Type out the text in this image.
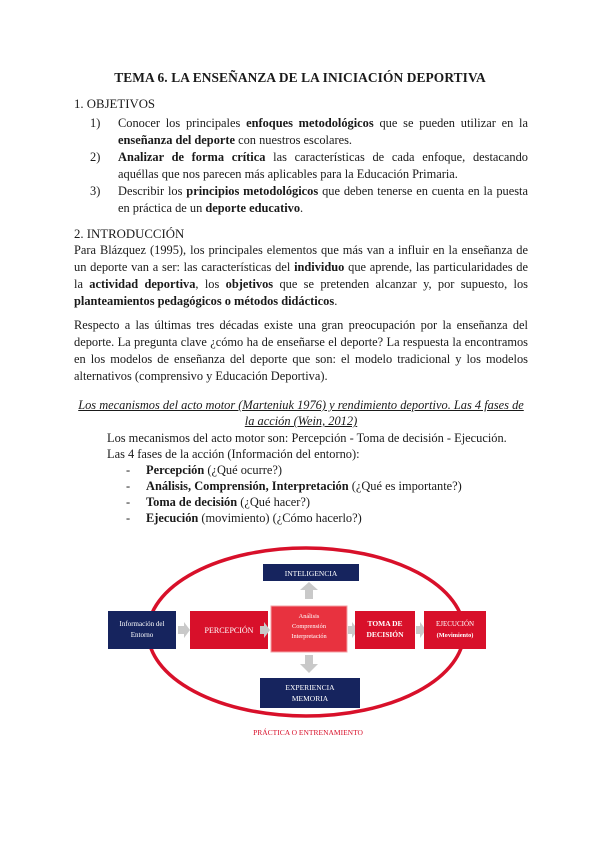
TEMA 6. LA ENSEÑANZA DE LA INICIACIÓN DEPORTIVA
1. OBJETIVOS
1) Conocer los principales enfoques metodológicos que se pueden utilizar en la enseñanza del deporte con nuestros escolares.
2) Analizar de forma crítica las características de cada enfoque, destacando aquéllas que nos parecen más aplicables para la Educación Primaria.
3) Describir los principios metodológicos que deben tenerse en cuenta en la puesta en práctica de un deporte educativo.
2. INTRODUCCIÓN
Para Blázquez (1995), los principales elementos que más van a influir en la enseñanza de un deporte van a ser: las características del individuo que aprende, las particularidades de la actividad deportiva, los objetivos que se pretenden alcanzar y, por supuesto, los planteamientos pedagógicos o métodos didácticos.
Respecto a las últimas tres décadas existe una gran preocupación por la enseñanza del deporte. La pregunta clave ¿cómo ha de enseñarse el deporte? La respuesta la encontramos en los modelos de enseñanza del deporte que son: el modelo tradicional y los modelos alternativos (comprensivo y Educación Deportiva).
Los mecanismos del acto motor (Marteniuk 1976) y rendimiento deportivo. Las 4 fases de la acción (Wein, 2012)
Los mecanismos del acto motor son: Percepción - Toma de decisión - Ejecución.
Las 4 fases de la acción (Información del entorno):
- Percepción (¿Qué ocurre?)
- Análisis, Comprensión, Interpretación (¿Qué es importante?)
- Toma de decisión (¿Qué hacer?)
- Ejecución (movimiento) (¿Cómo hacerlo?)
Información del
Entorno	PERCEPCIÓN
Análisis
Comprensión
Interpretación
TOMA DE
DECISIÓN
EJECUCIÓN
(Movimiento)
INTELIGENCIA
EXPERIENCIA
MEMORIA
PRÁCTICA O ENTRENAMIENTO
